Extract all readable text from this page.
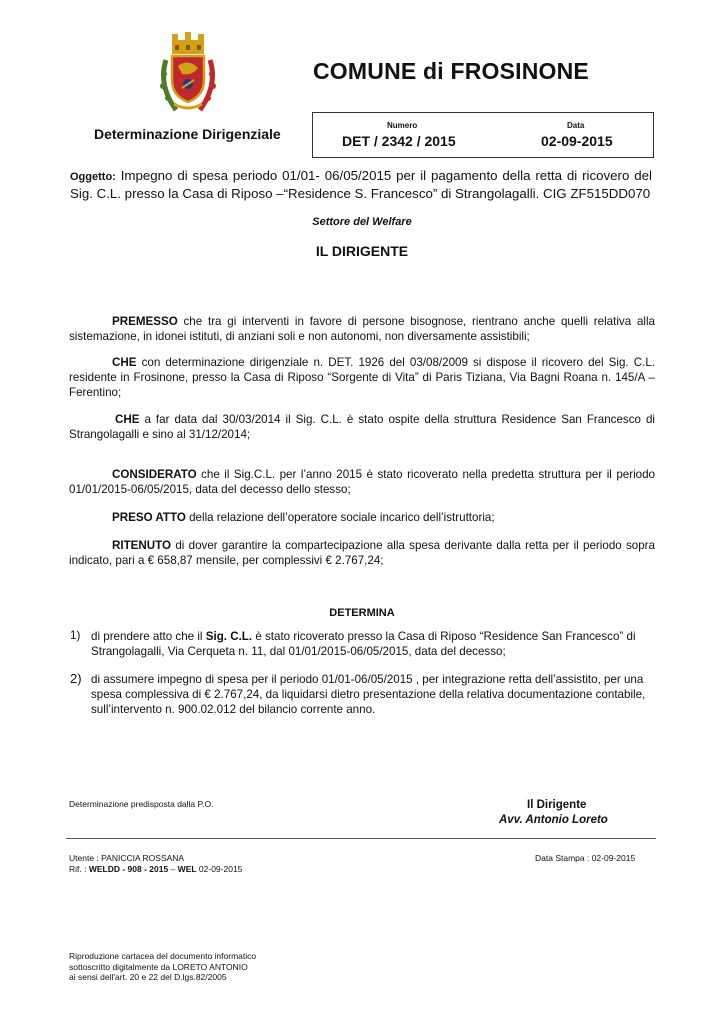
COMUNE di FROSINONE
Determinazione Dirigenziale
Numero
DET / 2342 / 2015
Data
02-09-2015
Oggetto: Impegno di spesa periodo 01/01- 06/05/2015 per il pagamento della retta di ricovero del Sig. C.L. presso la Casa di Riposo –“Residence S. Francesco” di Strangolagalli. CIG ZF515DD070
Settore del Welfare
IL DIRIGENTE
PREMESSO che tra gi interventi in favore di persone bisognose, rientrano anche quelli relativa alla sistemazione, in idonei istituti, di anziani soli e non autonomi, non diversamente assistibili;
CHE con determinazione dirigenziale n. DET. 1926 del 03/08/2009 si dispose il ricovero del Sig. C.L. residente in Frosinone, presso la Casa di Riposo “Sorgente di Vita” di Paris Tiziana, Via Bagni Roana n. 145/A – Ferentino;
CHE a far data dal 30/03/2014 il Sig. C.L. è stato ospite della struttura Residence San Francesco di Strangolagalli e sino al 31/12/2014;
CONSIDERATO che il Sig.C.L. per l’anno 2015 è stato ricoverato nella predetta struttura per il periodo 01/01/2015-06/05/2015, data del decesso dello stesso;
PRESO ATTO della relazione dell’operatore sociale incarico dell’istruttoria;
RITENUTO di dover garantire la compartecipazione alla spesa derivante dalla retta per il periodo sopra indicato, pari a € 658,87 mensile, per complessivi € 2.767,24;
DETERMINA
1) di prendere atto che il Sig. C.L. è stato ricoverato presso la Casa di Riposo “Residence San Francesco” di Strangolagalli, Via Cerqueta n. 11, dal 01/01/2015-06/05/2015, data del decesso;
2) di assumere impegno di spesa per il periodo 01/01-06/05/2015 , per integrazione retta dell’assistito, per una spesa complessiva di € 2.767,24, da liquidarsi dietro presentazione della relativa documentazione contabile, sull’intervento n. 900.02.012 del bilancio corrente anno.
Determinazione predisposta dalla P.O.	Il Dirigente
Avv. Antonio Loreto
Utente : PANICCIA ROSSANA
Rif. : WELDD - 908 - 2015 – WEL 02-09-2015
Data Stampa : 02-09-2015
Riproduzione cartacea del documento informatico
sottoscritto digitalmente da LORETO ANTONIO
ai sensi dell'art. 20 e 22 del D.lgs.82/2005
